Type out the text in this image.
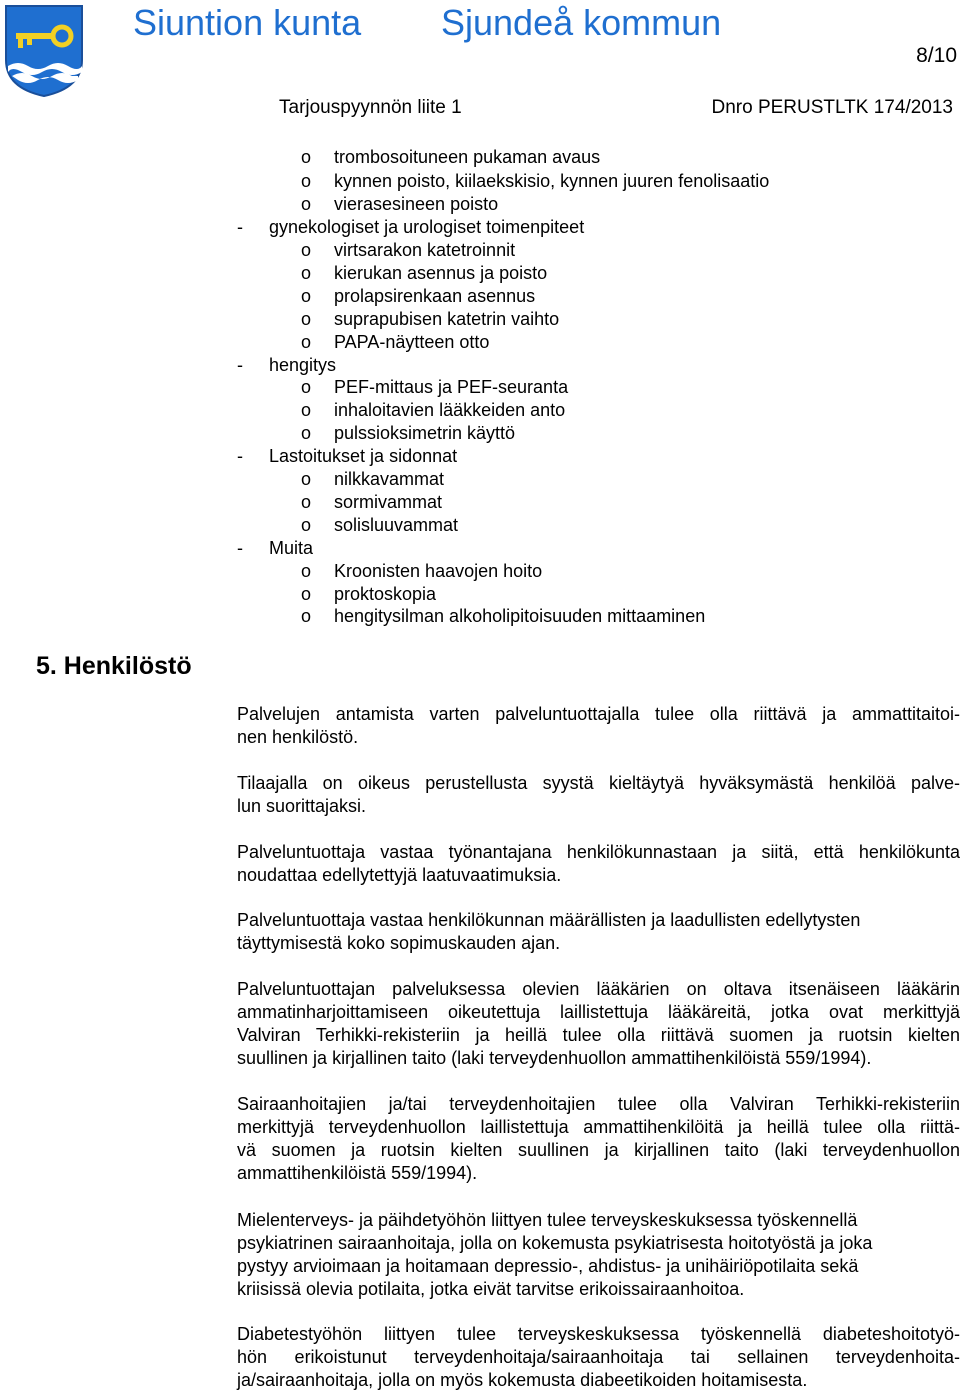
Siuntion kunta Sjundeå kommun
8/10
Tarjouspyynnön liite 1	Dnro PERUSTLTK 174/2013
o trombosoituneen pukaman avaus
o kynnen poisto, kiilaekskisio, kynnen juuren fenolisaatio
o vierasesineen poisto
- gynekologiset ja urologiset toimenpiteet
o virtsarakon katetroinnit
o kierukan asennus ja poisto
o prolapsirenkaan asennus
o suprapubisen katetrin vaihto
o PAPA-näytteen otto
- hengitys
o PEF-mittaus ja PEF-seuranta
o inhaloitavien lääkkeiden anto
o pulssioksimetrin käyttö
- Lastoitukset ja sidonnat
o nilkkavammat
o sormivammat
o solisluuvammat
- Muita
o Kroonisten haavojen hoito
o proktoskopia
o hengitysilman alkoholipitoisuuden mittaaminen
5. Henkilöstö
Palvelujen antamista varten palveluntuottajalla tulee olla riittävä ja ammattitaitoi-
nen henkilöstö.
Tilaajalla on oikeus perustellusta syystä kieltäytyä hyväksymästä henkilöä palve-
lun suorittajaksi.
Palveluntuottaja vastaa työnantajana henkilökunnastaan ja siitä, että henkilökunta
noudattaa edellytettyjä laatuvaatimuksia.
Palveluntuottaja vastaa henkilökunnan määrällisten ja laadullisten edellytysten
täyttymisestä koko sopimuskauden ajan.
Palveluntuottajan palveluksessa olevien lääkärien on oltava itsenäiseen lääkärin
ammatinharjoittamiseen oikeutettuja laillistettuja lääkäreitä, jotka ovat merkittyjä
Valviran Terhikki-rekisteriin ja heillä tulee olla riittävä suomen ja ruotsin kielten
suullinen ja kirjallinen taito (laki terveydenhuollon ammattihenkilöistä 559/1994).
Sairaanhoitajien ja/tai terveydenhoitajien tulee olla Valviran Terhikki-rekisteriin
merkittyjä terveydenhuollon laillistettuja ammattihenkilöitä ja heillä tulee olla riittä-
vä suomen ja ruotsin kielten suullinen ja kirjallinen taito (laki terveydenhuollon
ammattihenkilöistä 559/1994).
Mielenterveys- ja päihdetyöhön liittyen tulee terveyskeskuksessa työskennellä
psykiatrinen sairaanhoitaja, jolla on kokemusta psykiatrisesta hoitotyöstä ja joka
pystyy arvioimaan ja hoitamaan depressio-, ahdistus- ja unihäiriöpotilaita sekä
kriisissä olevia potilaita, jotka eivät tarvitse erikoissairaanhoitoa.
Diabetestyöhön liittyen tulee terveyskeskuksessa työskennellä diabeteshoitotyö-
hön erikoistunut terveydenhoitaja/sairaanhoitaja tai sellainen terveydenhoita-
ja/sairaanhoitaja, jolla on myös kokemusta diabeetikoiden hoitamisesta.
